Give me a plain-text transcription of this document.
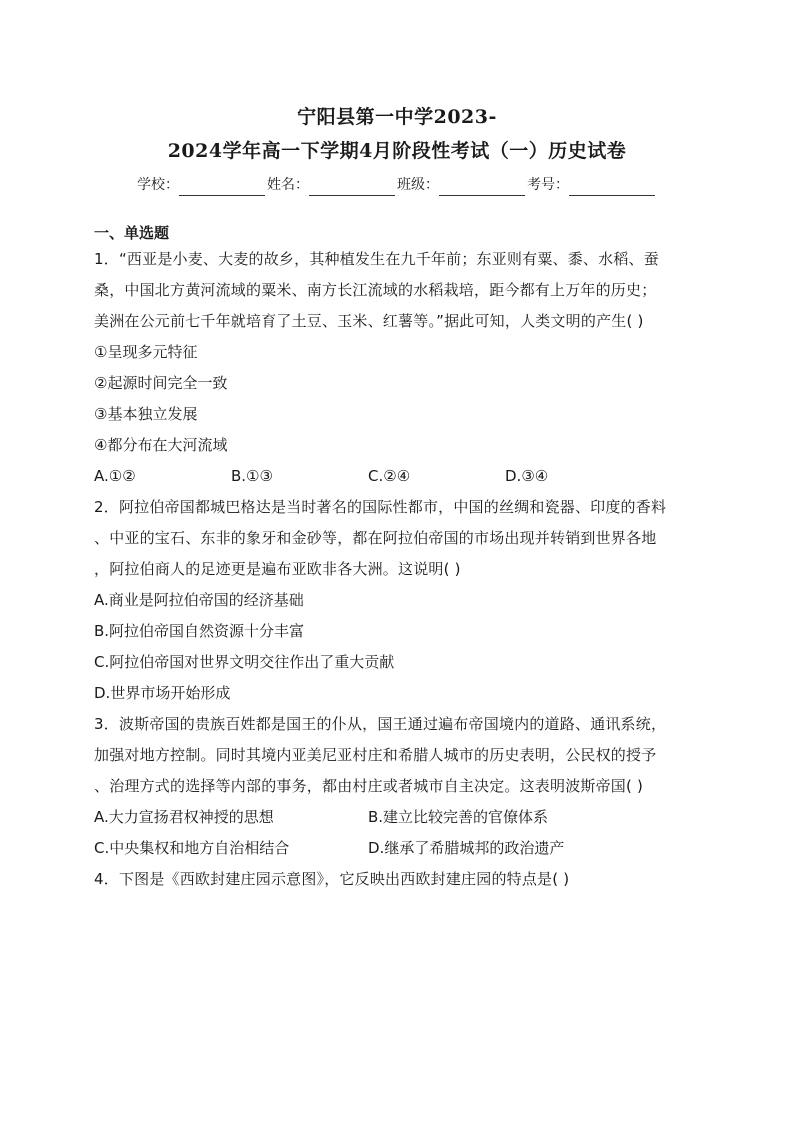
宁阳县第一中学2023-
2024学年高一下学期4月阶段性考试（一）历史试卷
学校：	姓名：	班级：	考号：
一、单选题
1．“西亚是小麦、大麦的故乡，其种植发生在九千年前；东亚则有粟、黍、水稻、蚕
桑，中国北方黄河流域的粟米、南方长江流域的水稻栽培，距今都有上万年的历史；
美洲在公元前七千年就培育了土豆、玉米、红薯等。”据此可知，人类文明的产生( )
①呈现多元特征
②起源时间完全一致
③基本独立发展
④都分布在大河流域
A.①②	B.①③	C.②④	D.③④
2．阿拉伯帝国都城巴格达是当时著名的国际性都市，中国的丝绸和瓷器、印度的香料
、中亚的宝石、东非的象牙和金砂等，都在阿拉伯帝国的市场出现并转销到世界各地
，阿拉伯商人的足迹更是遍布亚欧非各大洲。这说明( )
A.商业是阿拉伯帝国的经济基础
B.阿拉伯帝国自然资源十分丰富
C.阿拉伯帝国对世界文明交往作出了重大贡献
D.世界市场开始形成
3．波斯帝国的贵族百姓都是国王的仆从，国王通过遍布帝国境内的道路、通讯系统，
加强对地方控制。同时其境内亚美尼亚村庄和希腊人城市的历史表明，公民权的授予
、治理方式的选择等内部的事务，都由村庄或者城市自主决定。这表明波斯帝国( )
A.大力宣扬君权神授的思想	B.建立比较完善的官僚体系
C.中央集权和地方自治相结合	D.继承了希腊城邦的政治遗产
4．下图是《西欧封建庄园示意图》，它反映出西欧封建庄园的特点是( )
